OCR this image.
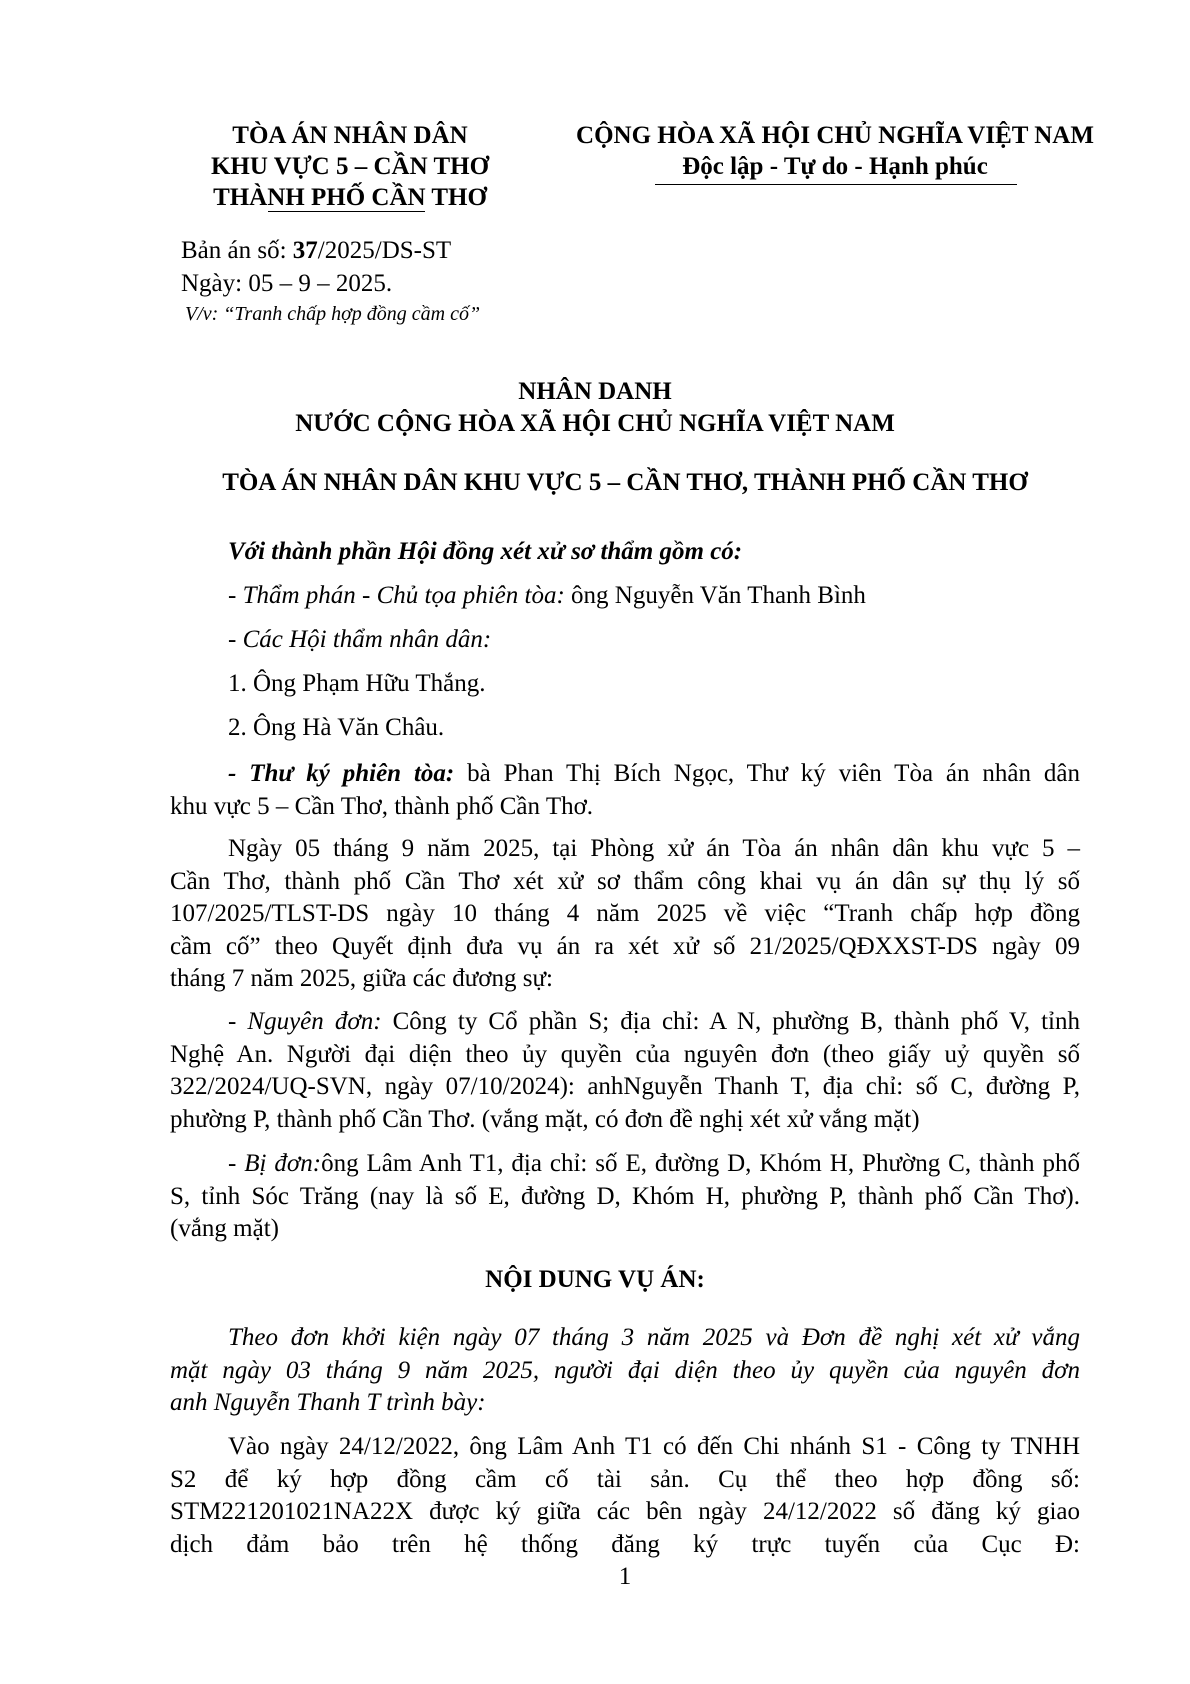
TÒA ÁN NHÂN DÂN
KHU VỰC 5 – CẦN THƠ
THÀNH PHỐ CẦN THƠ
CỘNG HÒA XÃ HỘI CHỦ NGHĨA VIỆT NAM
Độc lập - Tự do - Hạnh phúc
Bản án số: 37/2025/DS-ST
Ngày: 05 – 9 – 2025.
V/v: “Tranh chấp hợp đồng cầm cố”
NHÂN DANH
NƯỚC CỘNG HÒA XÃ HỘI CHỦ NGHĨA VIỆT NAM
TÒA ÁN NHÂN DÂN KHU VỰC 5 – CẦN THƠ, THÀNH PHỐ CẦN THƠ
Với thành phần Hội đồng xét xử sơ thẩm gồm có:
- Thẩm phán - Chủ tọa phiên tòa: ông Nguyễn Văn Thanh Bình
- Các Hội thẩm nhân dân:
1. Ông Phạm Hữu Thắng.
2. Ông Hà Văn Châu.
- Thư ký phiên tòa: bà Phan Thị Bích Ngọc, Thư ký viên Tòa án nhân dân
khu vực 5 – Cần Thơ, thành phố Cần Thơ.
Ngày 05 tháng 9 năm 2025, tại Phòng xử án Tòa án nhân dân khu vực 5 –
Cần Thơ, thành phố Cần Thơ xét xử sơ thẩm công khai vụ án dân sự thụ lý số
107/2025/TLST-DS ngày 10 tháng 4 năm 2025 về việc “Tranh chấp hợp đồng
cầm cố” theo Quyết định đưa vụ án ra xét xử số 21/2025/QĐXXST-DS ngày 09
tháng 7 năm 2025, giữa các đương sự:
- Nguyên đơn: Công ty Cổ phần S; địa chỉ: A N, phường B, thành phố V, tỉnh
Nghệ An. Người đại diện theo ủy quyền của nguyên đơn (theo giấy uỷ quyền số
322/2024/UQ-SVN, ngày 07/10/2024): anhNguyễn Thanh T, địa chỉ: số C, đường P,
phường P, thành phố Cần Thơ. (vắng mặt, có đơn đề nghị xét xử vắng mặt)
- Bị đơn:ông Lâm Anh T1, địa chỉ: số E, đường D, Khóm H, Phường C, thành phố
S, tỉnh Sóc Trăng (nay là số E, đường D, Khóm H, phường P, thành phố Cần Thơ).
(vắng mặt)
NỘI DUNG VỤ ÁN:
Theo đơn khởi kiện ngày 07 tháng 3 năm 2025 và Đơn đề nghị xét xử vắng
mặt ngày 03 tháng 9 năm 2025, người đại diện theo ủy quyền của nguyên đơn
anh Nguyễn Thanh T trình bày:
Vào ngày 24/12/2022, ông Lâm Anh T1 có đến Chi nhánh S1 - Công ty TNHH
S2 để ký hợp đồng cầm cố tài sản. Cụ thể theo hợp đồng số:
STM221201021NA22X được ký giữa các bên ngày 24/12/2022 số đăng ký giao
dịch đảm bảo trên hệ thống đăng ký trực tuyến của Cục Đ:
1
